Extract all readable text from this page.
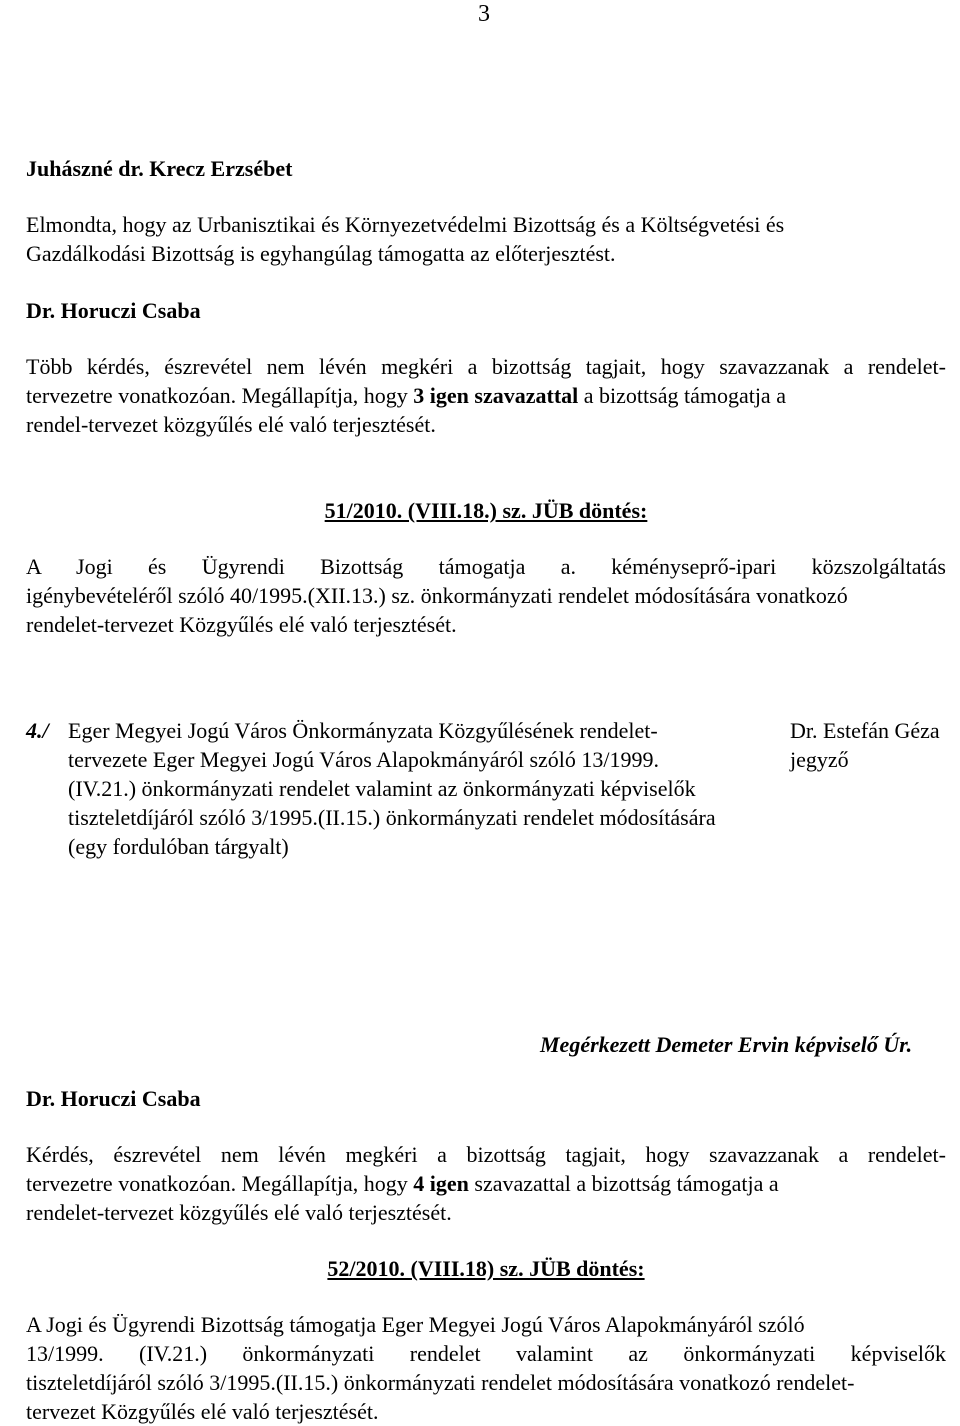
3
Juhászné dr. Krecz Erzsébet
Elmondta, hogy az Urbanisztikai és Környezetvédelmi Bizottság és a Költségvetési és
Gazdálkodási Bizottság is egyhangúlag támogatta az előterjesztést.
Dr. Horuczi Csaba
Több kérdés, észrevétel nem lévén megkéri a bizottság tagjait, hogy szavazzanak a rendelet-
tervezetre vonatkozóan. Megállapítja, hogy 3 igen szavazattal a bizottság támogatja a
rendel-tervezet közgyűlés elé való terjesztését.
51/2010. (VIII.18.) sz. JÜB döntés:
A Jogi és Ügyrendi Bizottság támogatja a. kéményseprő-ipari közszolgáltatás
igénybevételéről szóló 40/1995.(XII.13.) sz. önkormányzati rendelet módosítására vonatkozó
rendelet-tervezet Közgyűlés elé való terjesztését.
4./ Eger Megyei Jogú Város Önkormányzata Közgyűlésének rendelet-
tervezete Eger Megyei Jogú Város Alapokmányáról szóló 13/1999.
(IV.21.) önkormányzati rendelet valamint az önkormányzati képviselők
tiszteletdíjáról szóló 3/1995.(II.15.) önkormányzati rendelet módosítására
(egy fordulóban tárgyalt)
Dr. Estefán Géza
jegyző
Megérkezett Demeter Ervin képviselő Úr.
Dr. Horuczi Csaba
Kérdés, észrevétel nem lévén megkéri a bizottság tagjait, hogy szavazzanak a rendelet-
tervezetre vonatkozóan. Megállapítja, hogy 4 igen szavazattal a bizottság támogatja a
rendelet-tervezet közgyűlés elé való terjesztését.
52/2010. (VIII.18) sz. JÜB döntés:
A Jogi és Ügyrendi Bizottság támogatja Eger Megyei Jogú Város Alapokmányáról szóló
13/1999. (IV.21.) önkormányzati rendelet valamint az önkormányzati képviselők
tiszteletdíjáról szóló 3/1995.(II.15.) önkormányzati rendelet módosítására vonatkozó rendelet-
tervezet Közgyűlés elé való terjesztését.
